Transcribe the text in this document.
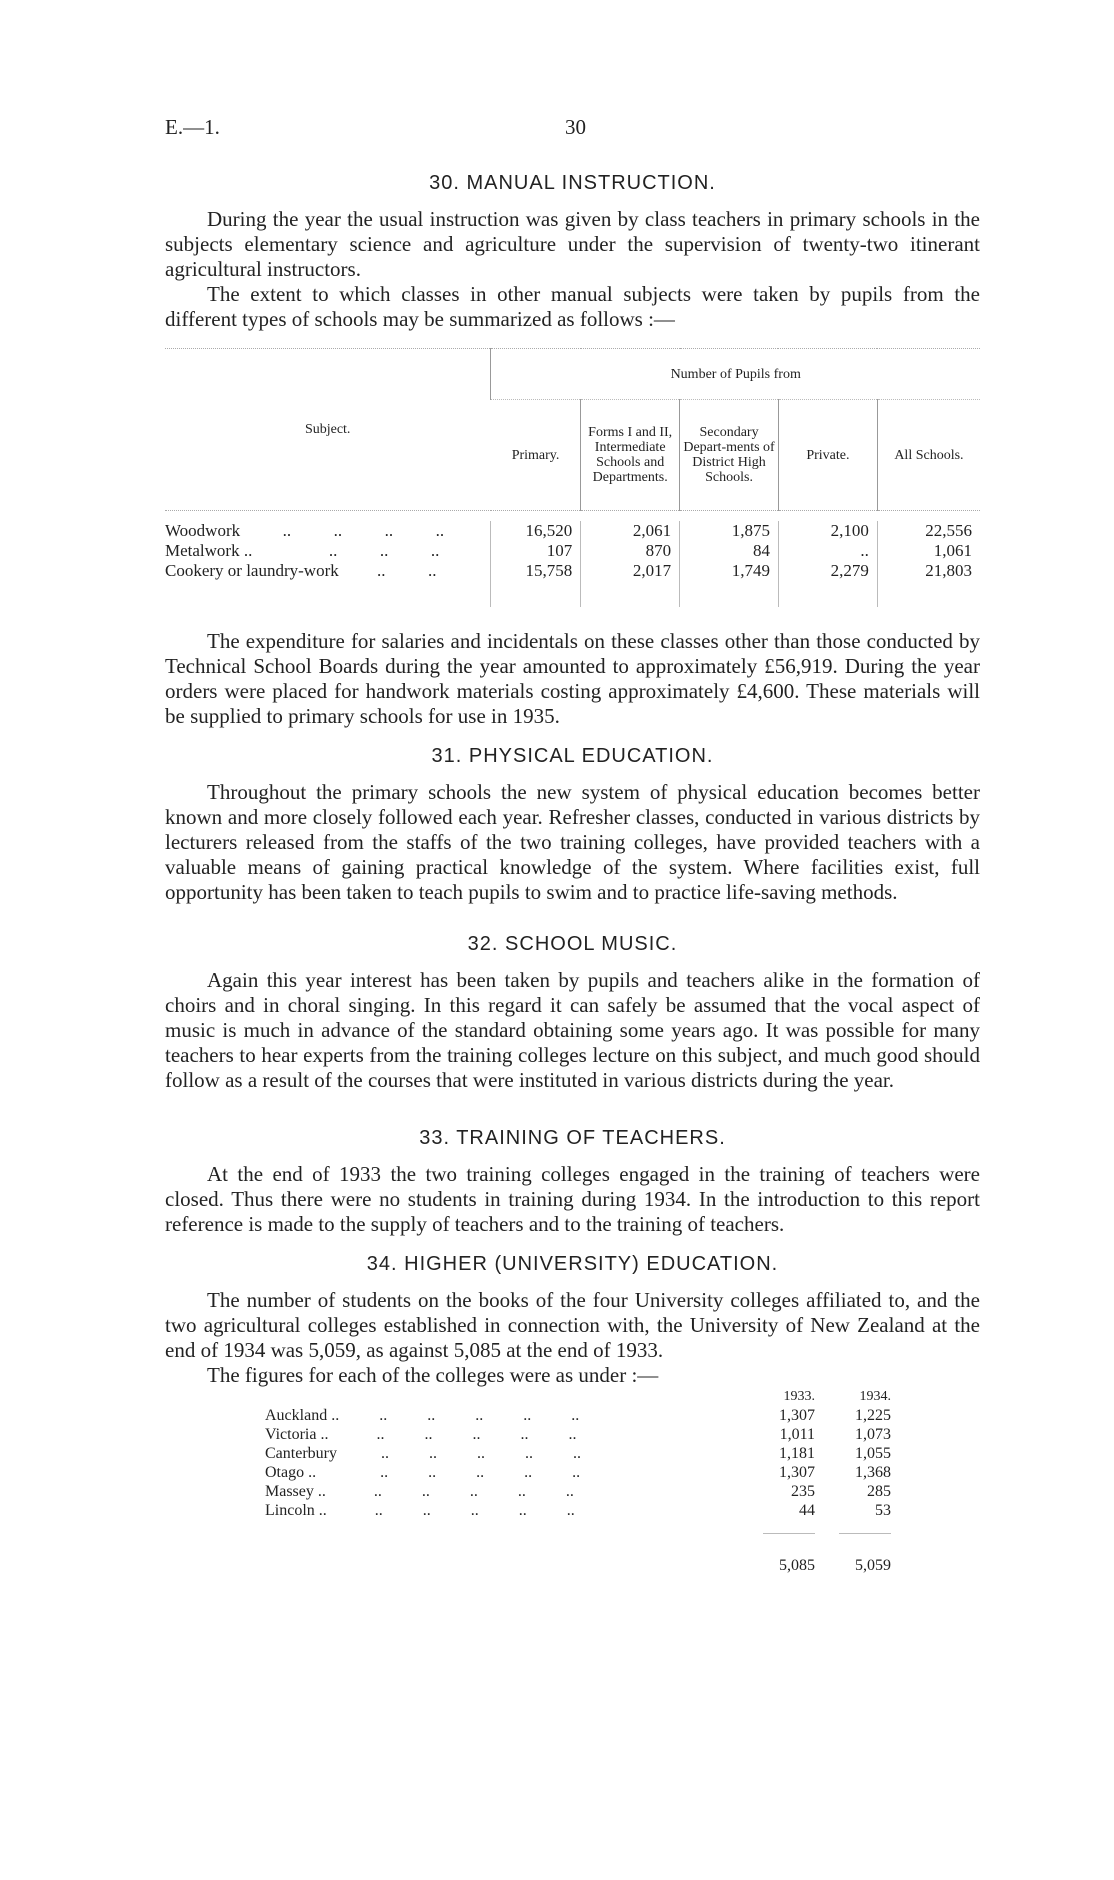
E.—1.	30
30. MANUAL INSTRUCTION.

During the year the usual instruction was given by class teachers in primary schools in the subjects elementary science and agriculture under the supervision of twenty-two itinerant agricultural instructors.

The extent to which classes in other manual subjects were taken by pupils from the different types of schools may be summarized as follows :—

Subject.	Number of Pupils from				
	Primary.	Forms I and II, Intermediate Schools and Departments.	Secondary Depart-ments of District High Schools.	Private.	All Schools.

Woodwork ..          ..          ..          ..	16,520	2,061	1,875	2,100	22,556
Metalwork .. ..          ..          ..	107	870	84	..	1,061
Cookery or laundry-work ..          ..	15,758	2,017	1,749	2,279	21,803

The expenditure for salaries and incidentals on these classes other than those conducted by Technical School Boards during the year amounted to approximately £56,919. During the year orders were placed for handwork materials costing approximately £4,600. These materials will be supplied to primary schools for use in 1935.

31. PHYSICAL EDUCATION.

Throughout the primary schools the new system of physical education becomes better known and more closely followed each year. Refresher classes, conducted in various districts by lecturers released from the staffs of the two training colleges, have provided teachers with a valuable means of gaining practical knowledge of the system. Where facilities exist, full opportunity has been taken to teach pupils to swim and to practice life-saving methods.

32. SCHOOL MUSIC.

Again this year interest has been taken by pupils and teachers alike in the formation of choirs and in choral singing. In this regard it can safely be assumed that the vocal aspect of music is much in advance of the standard obtaining some years ago. It was possible for many teachers to hear experts from the training colleges lecture on this subject, and much good should follow as a result of the courses that were instituted in various districts during the year.

33. TRAINING OF TEACHERS.

At the end of 1933 the two training colleges engaged in the training of teachers were closed. Thus there were no students in training during 1934. In the introduction to this report reference is made to the supply of teachers and to the training of teachers.

34. HIGHER (UNIVERSITY) EDUCATION.

The number of students on the books of the four University colleges affiliated to, and the two agricultural colleges established in connection with, the University of New Zealand at the end of 1934 was 5,059, as against 5,085 at the end of 1933.

The figures for each of the colleges were as under :—

	1933.	1934.
Auckland .. ..          ..          ..          ..          ..	1,307	1,225
Victoria .. ..          ..          ..          ..          ..	1,011	1,073
Canterbury ..          ..          ..          ..          ..	1,181	1,055
Otago .. ..          ..          ..          ..          ..	1,307	1,368
Massey .. ..          ..          ..          ..          ..	235	285
Lincoln .. ..          ..          ..          ..          ..	44	53

	5,085	5,059
